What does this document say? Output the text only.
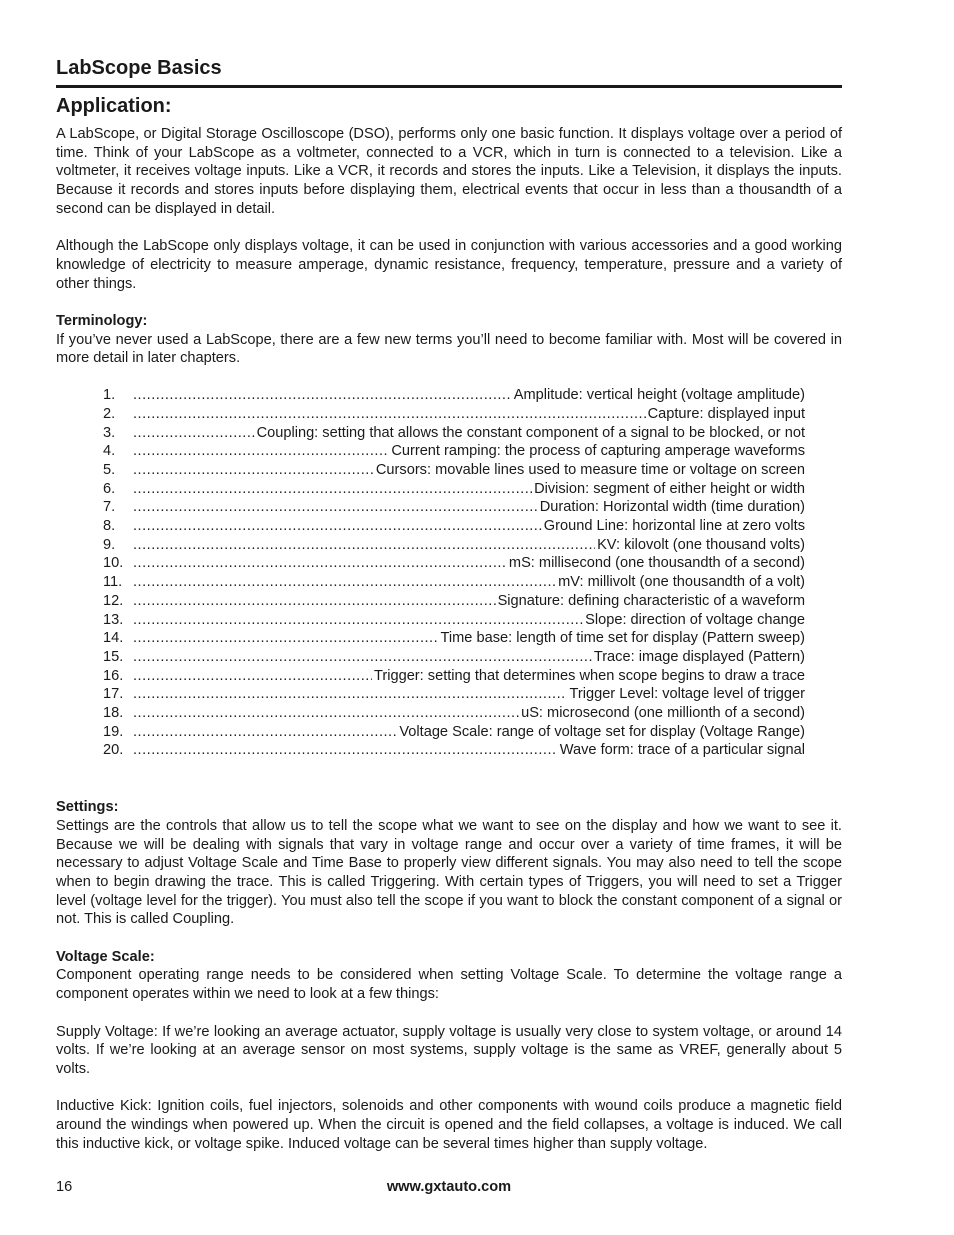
LabScope Basics
Application:

A LabScope, or Digital Storage Oscilloscope (DSO), performs only one basic function. It displays voltage over a period of time. Think of your LabScope as a voltmeter, connected to a VCR, which in turn is connected to a television. Like a voltmeter, it receives voltage inputs. Like a VCR, it records and stores the inputs. Like a Television, it displays the inputs. Because it records and stores inputs before displaying them, electrical events that occur in less than a thousandth of a second can be displayed in detail.

Although the LabScope only displays voltage, it can be used in conjunction with various accessories and a good working knowledge of electricity to measure amperage, dynamic resistance, frequency, temperature, pressure and a variety of other things.

Terminology:

If you’ve never used a LabScope, there are a few new terms you’ll need to become familiar with. Most will be covered in more detail in later chapters.

1. .....	Amplitude: vertical height (voltage amplitude)
2. .....	Capture: displayed input
3. .....	Coupling: setting that allows the constant component of a signal to be blocked, or not
4. .....	Current ramping: the process of capturing amperage waveforms
5. .....	Cursors: movable lines used to measure time or voltage on screen
6. .....	Division: segment of either height or width
7. .....	Duration: Horizontal width (time duration)
8. .....	Ground Line: horizontal line at zero volts
9. .....	KV: kilovolt (one thousand volts)
10. .....	mS: millisecond (one thousandth of a second)
11. .....	mV: millivolt (one thousandth of a volt)
12. .....	Signature: defining characteristic of a waveform
13. .....	Slope: direction of voltage change
14. .....	Time base: length of time set for display (Pattern sweep)
15. .....	Trace: image displayed (Pattern)
16. .....	Trigger: setting that determines when scope begins to draw a trace
17. .....	Trigger Level: voltage level of trigger
18. .....	uS: microsecond (one millionth of a second)
19. .....	Voltage Scale: range of voltage set for display (Voltage Range)
20. .....	Wave form: trace of a particular signal
Settings:

Settings are the controls that allow us to tell the scope what we want to see on the display and how we want to see it. Because we will be dealing with signals that vary in voltage range and occur over a variety of time frames, it will be necessary to adjust Voltage Scale and Time Base to properly view different signals. You may also need to tell the scope when to begin drawing the trace. This is called Triggering. With certain types of Triggers, you will need to set a Trigger level (voltage level for the trigger). You must also tell the scope if you want to block the constant component of a signal or not. This is called Coupling.

Voltage Scale:

Component operating range needs to be considered when setting Voltage Scale. To determine the voltage range a component operates within we need to look at a few things:

Supply Voltage: If we’re looking an average actuator, supply voltage is usually very close to system voltage, or around 14 volts. If we’re looking at an average sensor on most systems, supply voltage is the same as VREF, generally about 5 volts.

Inductive Kick: Ignition coils, fuel injectors, solenoids and other components with wound coils produce a magnetic field around the windings when powered up. When the circuit is opened and the field collapses, a voltage is induced. We call this inductive kick, or voltage spike. Induced voltage can be several times higher than supply voltage.

16	www.gxtauto.com
